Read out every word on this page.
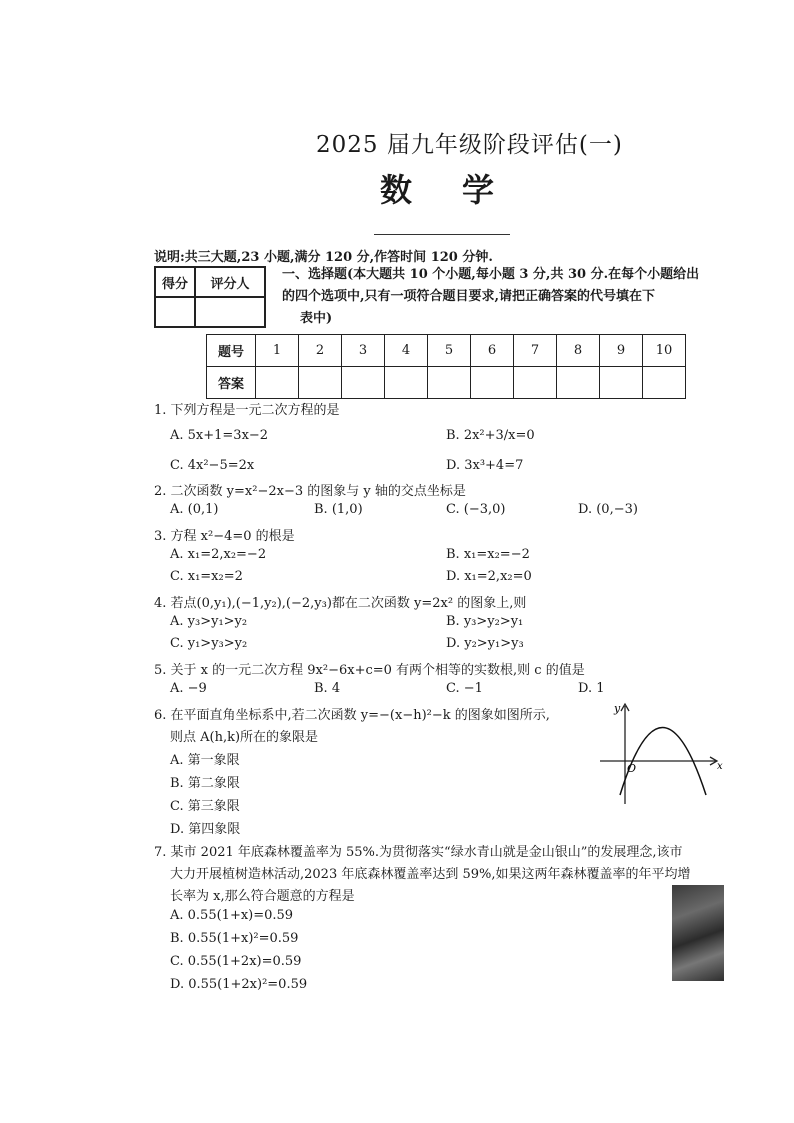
2025 届九年级阶段评估(一)
数学
说明:共三大题,23 小题,满分 120 分,作答时间 120 分钟.
得分	评分人

一、选择题(本大题共 10 个小题,每小题 3 分,共 30 分.在每个小题给出
的四个选项中,只有一项符合题目要求,请把正确答案的代号填在下
表中)
题号	1	2	3	4	5	6	7	8	9	10
答案										
1. 下列方程是一元二次方程的是
A. 5x+1=3x−2	B. 2x²+3/x=0
C. 4x²−5=2x	D. 3x³+4=7
2. 二次函数 y=x²−2x−3 的图象与 y 轴的交点坐标是
A. (0,1)	B. (1,0)	C. (−3,0)	D. (0,−3)
3. 方程 x²−4=0 的根是
A. x₁=2,x₂=−2	B. x₁=x₂=−2
C. x₁=x₂=2	D. x₁=2,x₂=0
4. 若点(0,y₁),(−1,y₂),(−2,y₃)都在二次函数 y=2x² 的图象上,则
A. y₃>y₁>y₂	B. y₃>y₂>y₁
C. y₁>y₃>y₂	D. y₂>y₁>y₃
5. 关于 x 的一元二次方程 9x²−6x+c=0 有两个相等的实数根,则 c 的值是
A. −9	B. 4	C. −1	D. 1
6. 在平面直角坐标系中,若二次函数 y=−(x−h)²−k 的图象如图所示,
则点 A(h,k)所在的象限是
A. 第一象限
B. 第二象限
C. 第三象限
D. 第四象限
y
x
O
7. 某市 2021 年底森林覆盖率为 55%.为贯彻落实“绿水青山就是金山银山”的发展理念,该市
大力开展植树造林活动,2023 年底森林覆盖率达到 59%,如果这两年森林覆盖率的年平均增
长率为 x,那么符合题意的方程是
A. 0.55(1+x)=0.59
B. 0.55(1+x)²=0.59
C. 0.55(1+2x)=0.59
D. 0.55(1+2x)²=0.59
